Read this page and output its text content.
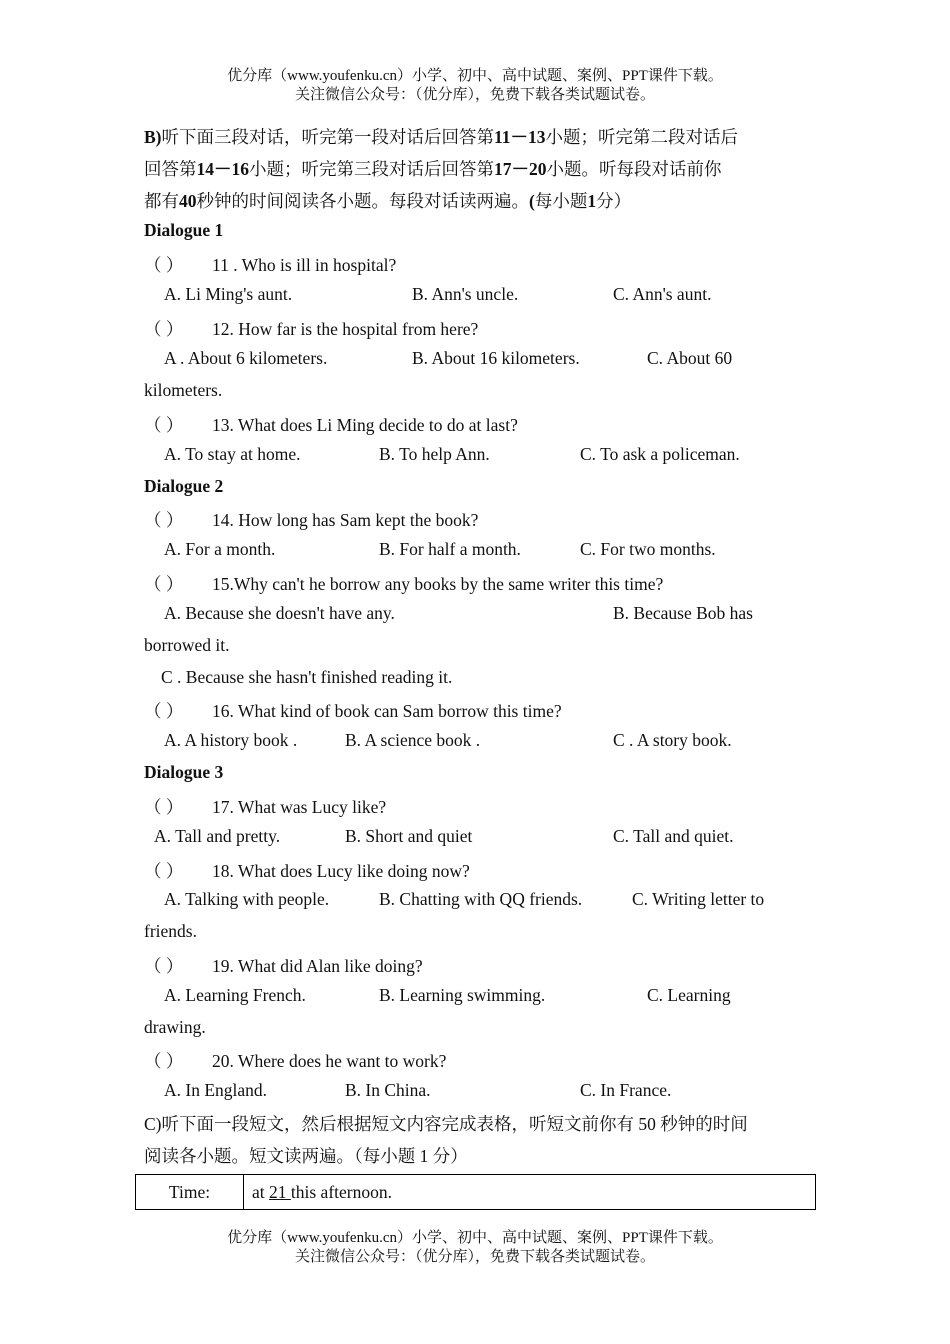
优分库（www.youfenku.cn）小学、初中、高中试题、案例、PPT课件下载。
关注微信公众号：（优分库），免费下载各类试题试卷。
B)听下面三段对话，听完第一段对话后回答第11－13小题；听完第二段对话后
回答第14－16小题；听完第三段对话后回答第17－20小题。听每段对话前你
都有40秒钟的时间阅读各小题。每段对话读两遍。(每小题1分）
Dialogue 1
（ ） 11 . Who is ill in hospital?
A. Li Ming's aunt.	B. Ann's uncle.	C. Ann's aunt.
（ ） 12. How far is the hospital from here?
A . About 6 kilometers.	B. About 16 kilometers.	C. About 60
kilometers.
（ ） 13. What does Li Ming decide to do at last?
A. To stay at home.	B. To help Ann.	C. To ask a policeman.
Dialogue 2
（ ） 14. How long has Sam kept the book?
A. For a month.	B. For half a month.	C. For two months.
（ ） 15.Why can't he borrow any books by the same writer this time?
A. Because she doesn't have any.	B. Because Bob has
borrowed it.
C . Because she hasn't finished reading it.
（ ） 16. What kind of book can Sam borrow this time?
A. A history book .	B. A science book .	C . A story book.
Dialogue 3
（ ） 17. What was Lucy like?
A. Tall and pretty.	B. Short and quiet	C. Tall and quiet.
（ ） 18. What does Lucy like doing now?
A. Talking with people.	B. Chatting with QQ friends.	C. Writing letter to
friends.
（ ） 19. What did Alan like doing?
A. Learning French.	B. Learning swimming.	C. Learning
drawing.
（ ） 20. Where does he want to work?
A. In England.	B. In China.	C. In France.
C)听下面一段短文，然后根据短文内容完成表格，听短文前你有 50 秒钟的时间
阅读各小题。短文读两遍。（每小题 1 分）
Time:	at 21 this afternoon.
优分库（www.youfenku.cn）小学、初中、高中试题、案例、PPT课件下载。
关注微信公众号：（优分库），免费下载各类试题试卷。
